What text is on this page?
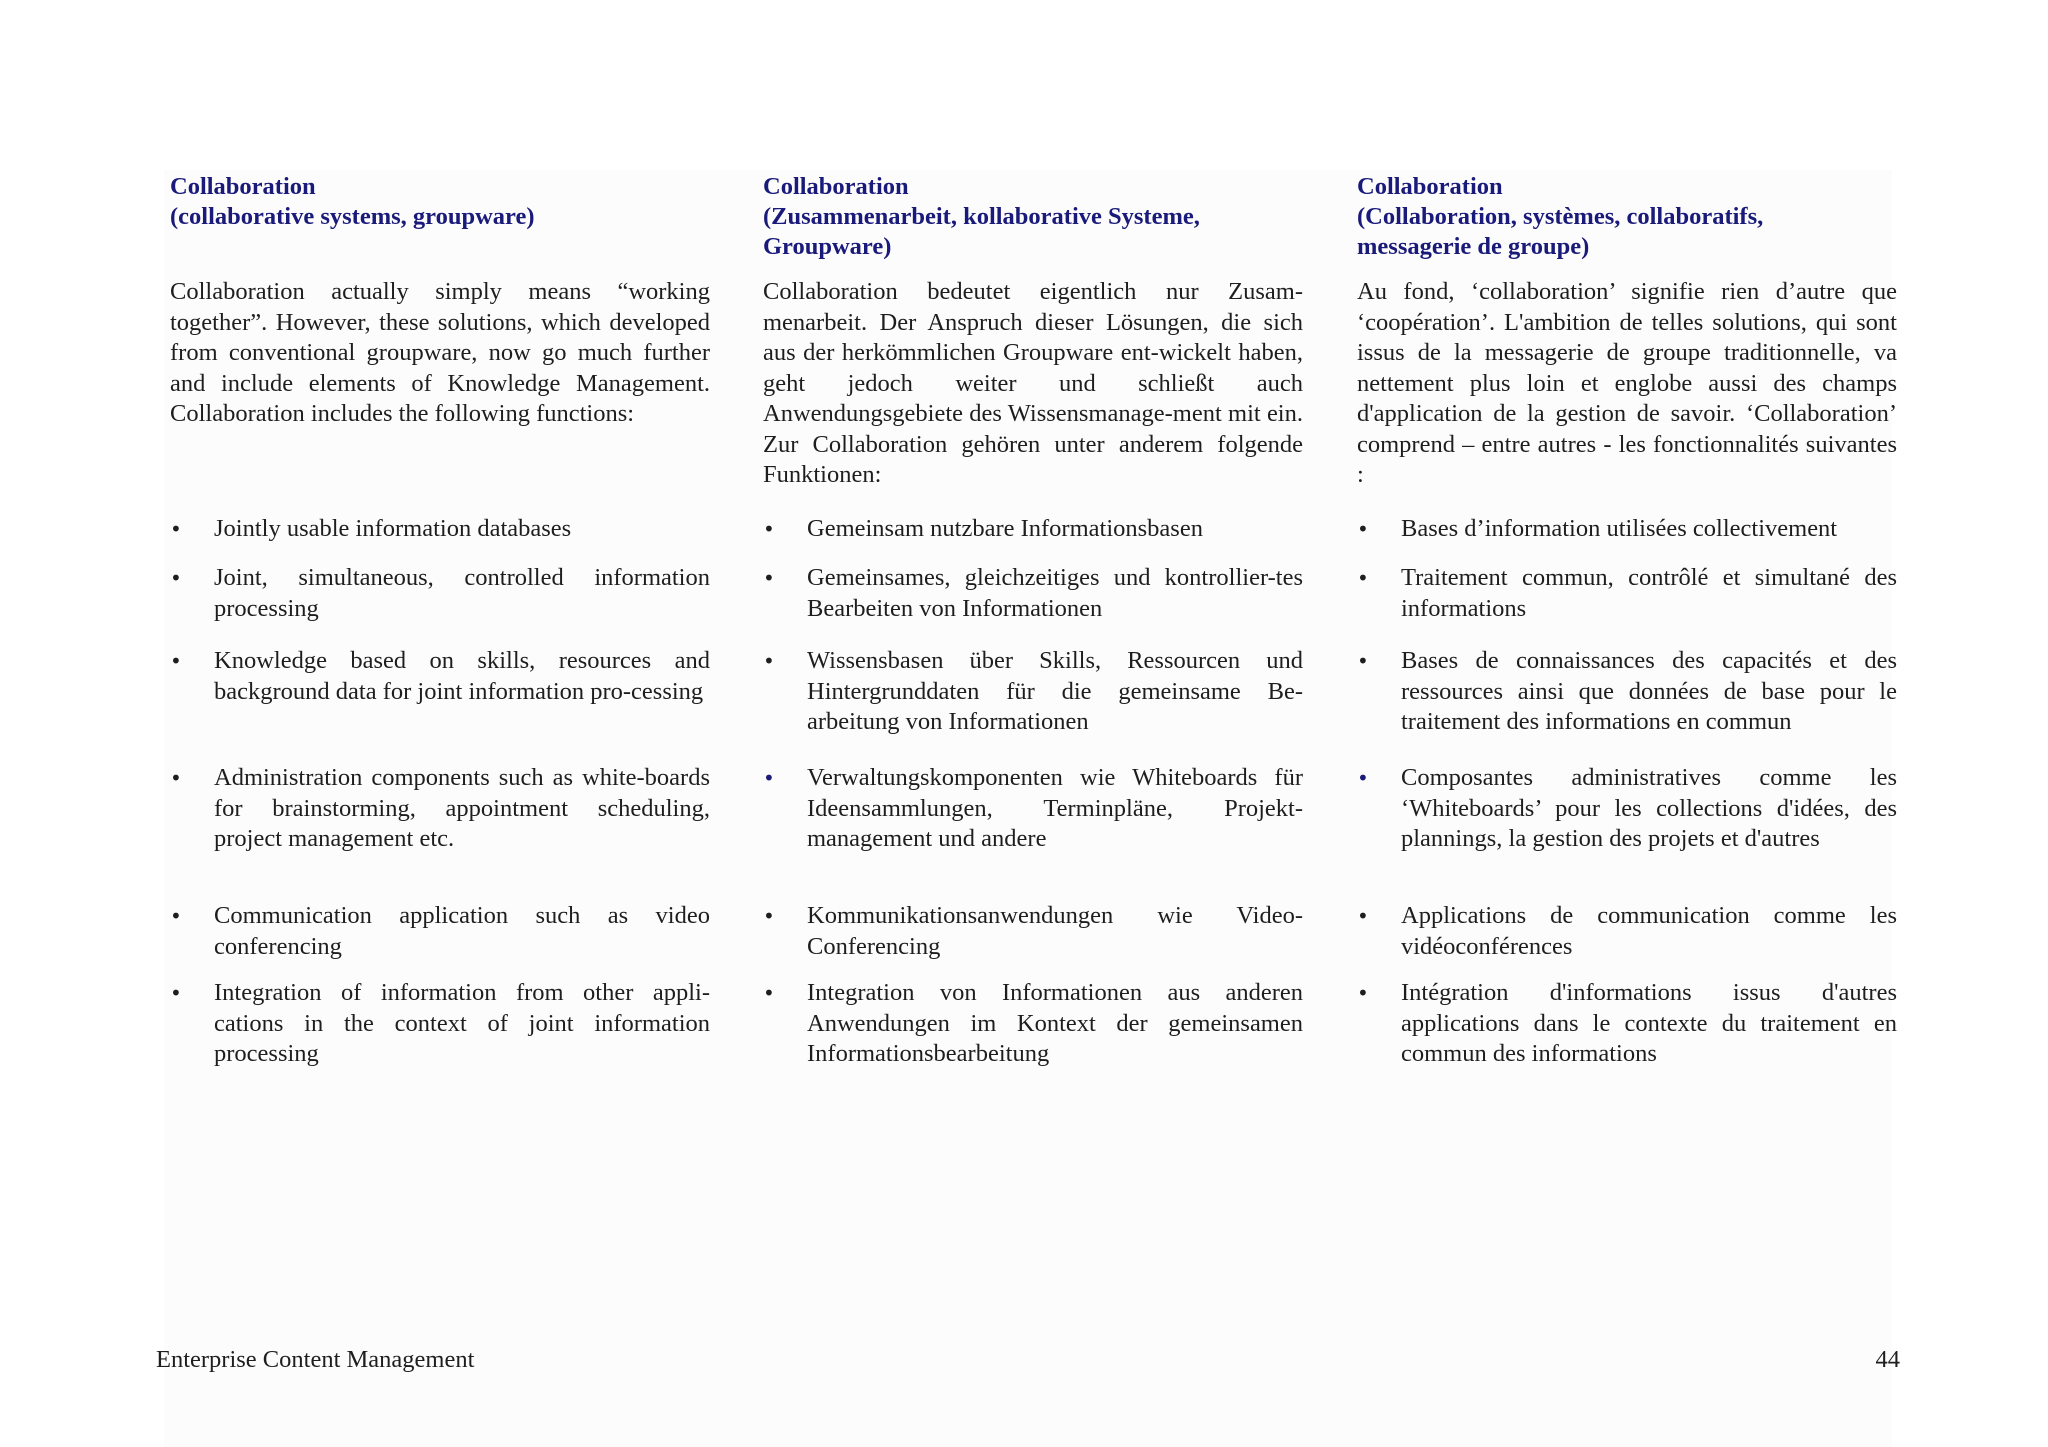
Collaboration
(collaborative systems, groupware)

Collaboration actually simply means “working together”. However, these solutions, which developed from conventional groupware, now go much further and include elements of Knowledge Management. Collaboration includes the following functions:

•	Jointly usable information databases
•	Joint, simultaneous, controlled information processing
•	Knowledge based on skills, resources and background data for joint information pro-cessing
•	Administration components such as white-boards for brainstorming, appointment scheduling, project management etc.
•	Communication application such as video conferencing
•	Integration of information from other appli-cations in the context of joint information processing
Collaboration
(Zusammenarbeit, kollaborative Systeme,
Groupware)

Collaboration bedeutet eigentlich nur Zusam-menarbeit. Der Anspruch dieser Lösungen, die sich aus der herkömmlichen Groupware ent-wickelt haben, geht jedoch weiter und schließt auch Anwendungsgebiete des Wissensmanage-ment mit ein. Zur Collaboration gehören unter anderem folgende Funktionen:

•	Gemeinsam nutzbare Informationsbasen
•	Gemeinsames, gleichzeitiges und kontrollier-tes Bearbeiten von Informationen
•	Wissensbasen über Skills, Ressourcen und Hintergrunddaten für die gemeinsame Be-arbeitung von Informationen
•	Verwaltungskomponenten wie Whiteboards für Ideensammlungen, Terminpläne, Projekt-management und andere
•	Kommunikationsanwendungen wie Video-Conferencing
•	Integration von Informationen aus anderen Anwendungen im Kontext der gemeinsamen Informationsbearbeitung
Collaboration
(Collaboration, systèmes, collaboratifs,
messagerie de groupe)

Au fond, ‘collaboration’ signifie rien d’autre que ‘coopération’. L'ambition de telles solutions, qui sont issus de la messagerie de groupe traditionnelle, va nettement plus loin et englobe aussi des champs d'application de la gestion de savoir. ‘Collaboration’ comprend – entre autres - les fonctionnalités suivantes :

•	Bases d’information utilisées collectivement
•	Traitement commun, contrôlé et simultané des informations
•	Bases de connaissances des capacités et des ressources ainsi que données de base pour le traitement des informations en commun
•	Composantes administratives comme les ‘Whiteboards’ pour les collections d'idées, des plannings, la gestion des projets et d'autres
•	Applications de communication comme les vidéoconférences
•	Intégration d'informations issus d'autres applications dans le contexte du traitement en commun des informations
Enterprise Content Management	44
